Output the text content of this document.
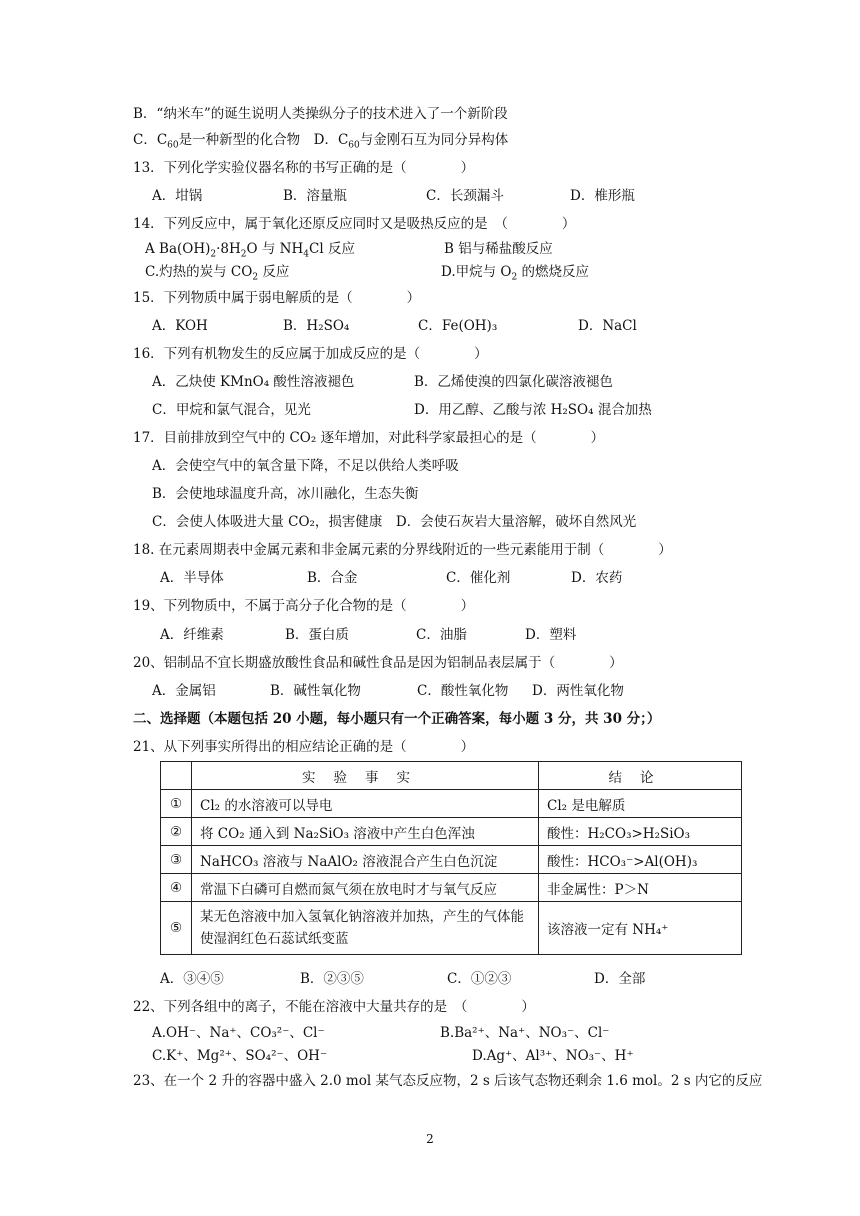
B．“纳米车”的诞生说明人类操纵分子的技术进入了一个新阶段
C．$C_{60}$是一种新型的化合物　D．$C_{60}$与金刚石互为同分异构体
13．下列化学实验仪器名称的书写正确的是（　　　　）
A．坩锅	B．溶量瓶	C．长颈漏斗	D．椎形瓶
14．下列反应中，属于氧化还原反应同时又是吸热反应的是　（　　　　）
A $Ba(OH)_2\cdot 8H_2O$ 与 $NH_4Cl$ 反应	B 铝与稀盐酸反应
C.灼热的炭与 $CO_2$ 反应	D.甲烷与 $O_2$ 的燃烧反应
15．下列物质中属于弱电解质的是（　　　　）
A．KOH	B．H₂SO₄	C．Fe(OH)₃	D．NaCl
16．下列有机物发生的反应属于加成反应的是（　　　　）
A．乙炔使 KMnO₄ 酸性溶液褪色	B．乙烯使溴的四氯化碳溶液褪色
C．甲烷和氯气混合，见光	D．用乙醇、乙酸与浓 H₂SO₄ 混合加热
17．目前排放到空气中的 CO₂ 逐年增加，对此科学家最担心的是（　　　　）
A．会使空气中的氧含量下降，不足以供给人类呼吸
B．会使地球温度升高，冰川融化，生态失衡
C．会使人体吸进大量 CO₂，损害健康　D．会使石灰岩大量溶解，破坏自然风光
18. 在元素周期表中金属元素和非金属元素的分界线附近的一些元素能用于制（　　　　）
A．半导体	B．合金	C．催化剂	D．农药
19、下列物质中，不属于高分子化合物的是（　　　　）
A．纤维素	B．蛋白质	C．油脂	D．塑料
20、铝制品不宜长期盛放酸性食品和碱性食品是因为铝制品表层属于（　　　　）
A．金属铝	B．碱性氧化物	C．酸性氧化物 D．两性氧化物
二、选择题（本题包括 20 小题，每小题只有一个正确答案，每小题 3 分，共 30 分；）
21、从下列事实所得出的相应结论正确的是（　　　　）
	实验事实	结论
①	Cl₂ 的水溶液可以导电	Cl₂ 是电解质
②	将 CO₂ 通入到 Na₂SiO₃ 溶液中产生白色浑浊	酸性：H₂CO₃>H₂SiO₃
③	NaHCO₃ 溶液与 NaAlO₂ 溶液混合产生白色沉淀	酸性：HCO₃⁻>Al(OH)₃
④	常温下白磷可自燃而氮气须在放电时才与氧气反应	非金属性：P＞N
⑤	某无色溶液中加入氢氧化钠溶液并加热，产生的气体能使湿润红色石蕊试纸变蓝	该溶液一定有 NH₄⁺
A．③④⑤	B．②③⑤	C．①②③	D．全部
22、下列各组中的离子，不能在溶液中大量共存的是　（　　　　）
A.OH⁻、Na⁺、CO₃²⁻、Cl⁻	B.Ba²⁺、Na⁺、NO₃⁻、Cl⁻
C.K⁺、Mg²⁺、SO₄²⁻、OH⁻	D.Ag⁺、Al³⁺、NO₃⁻、H⁺
23、在一个 2 升的容器中盛入 2.0 mol 某气态反应物，2 s 后该气态物还剩余 1.6 mol。2 s 内它的反应
2
